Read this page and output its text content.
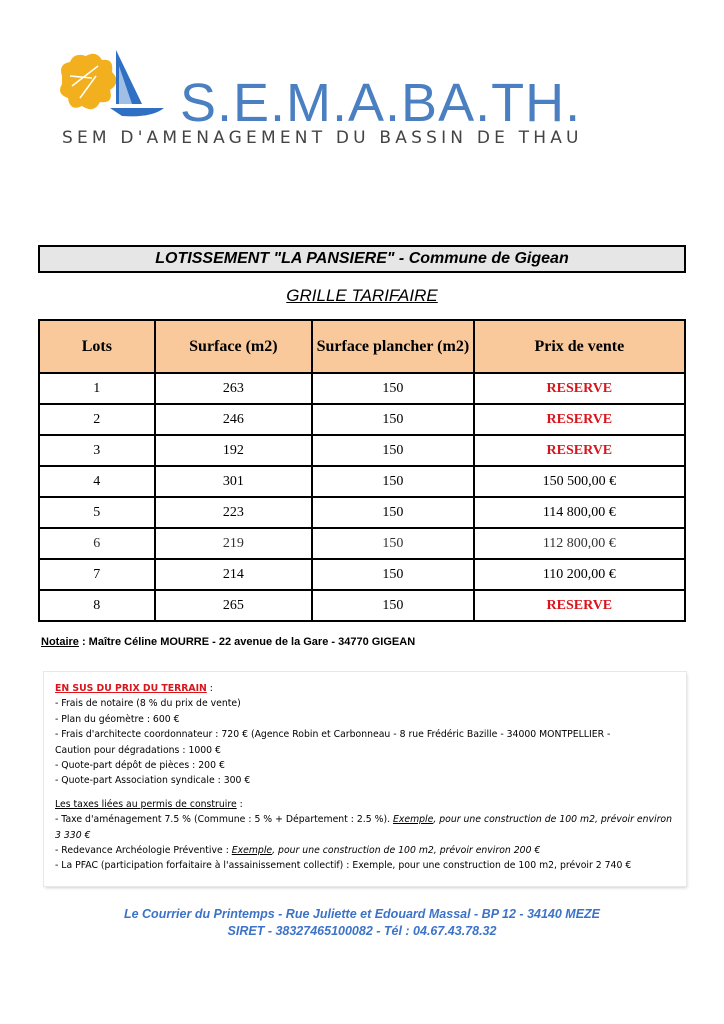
S.E.M.A.BA.TH.
SEM D'AMENAGEMENT DU BASSIN DE THAU
LOTISSEMENT "LA PANSIERE" - Commune de Gigean
GRILLE TARIFAIRE
Lots	Surface (m2)	Surface plancher (m2)	Prix de vente
1	263	150	RESERVE
2	246	150	RESERVE
3	192	150	RESERVE
4	301	150	150 500,00 €
5	223	150	114 800,00 €
6	219	150	112 800,00 €
7	214	150	110 200,00 €
8	265	150	RESERVE
Notaire : Maître Céline MOURRE - 22 avenue de la Gare - 34770 GIGEAN

EN SUS DU PRIX DU TERRAIN :

- Frais de notaire (8 % du prix de vente)

- Plan du géomètre : 600 €

- Frais d'architecte coordonnateur : 720 € (Agence Robin et Carbonneau - 8 rue Frédéric Bazille - 34000 MONTPELLIER -

Caution pour dégradations : 1000 €

- Quote-part dépôt de pièces : 200 €

- Quote-part Association syndicale : 300 €

Les taxes liées au permis de construire :

- Taxe d'aménagement 7.5 % (Commune : 5 % + Département : 2.5 %). Exemple, pour une construction de 100 m2, prévoir environ 3 330 €

- Redevance Archéologie Préventive : Exemple, pour une construction de 100 m2, prévoir environ 200 €

- La PFAC (participation forfaitaire à l'assainissement collectif) : Exemple, pour une construction de 100 m2, prévoir 2 740 €

Le Courrier du Printemps - Rue Juliette et Edouard Massal - BP 12 - 34140 MEZE
SIRET - 38327465100082 - Tél : 04.67.43.78.32
